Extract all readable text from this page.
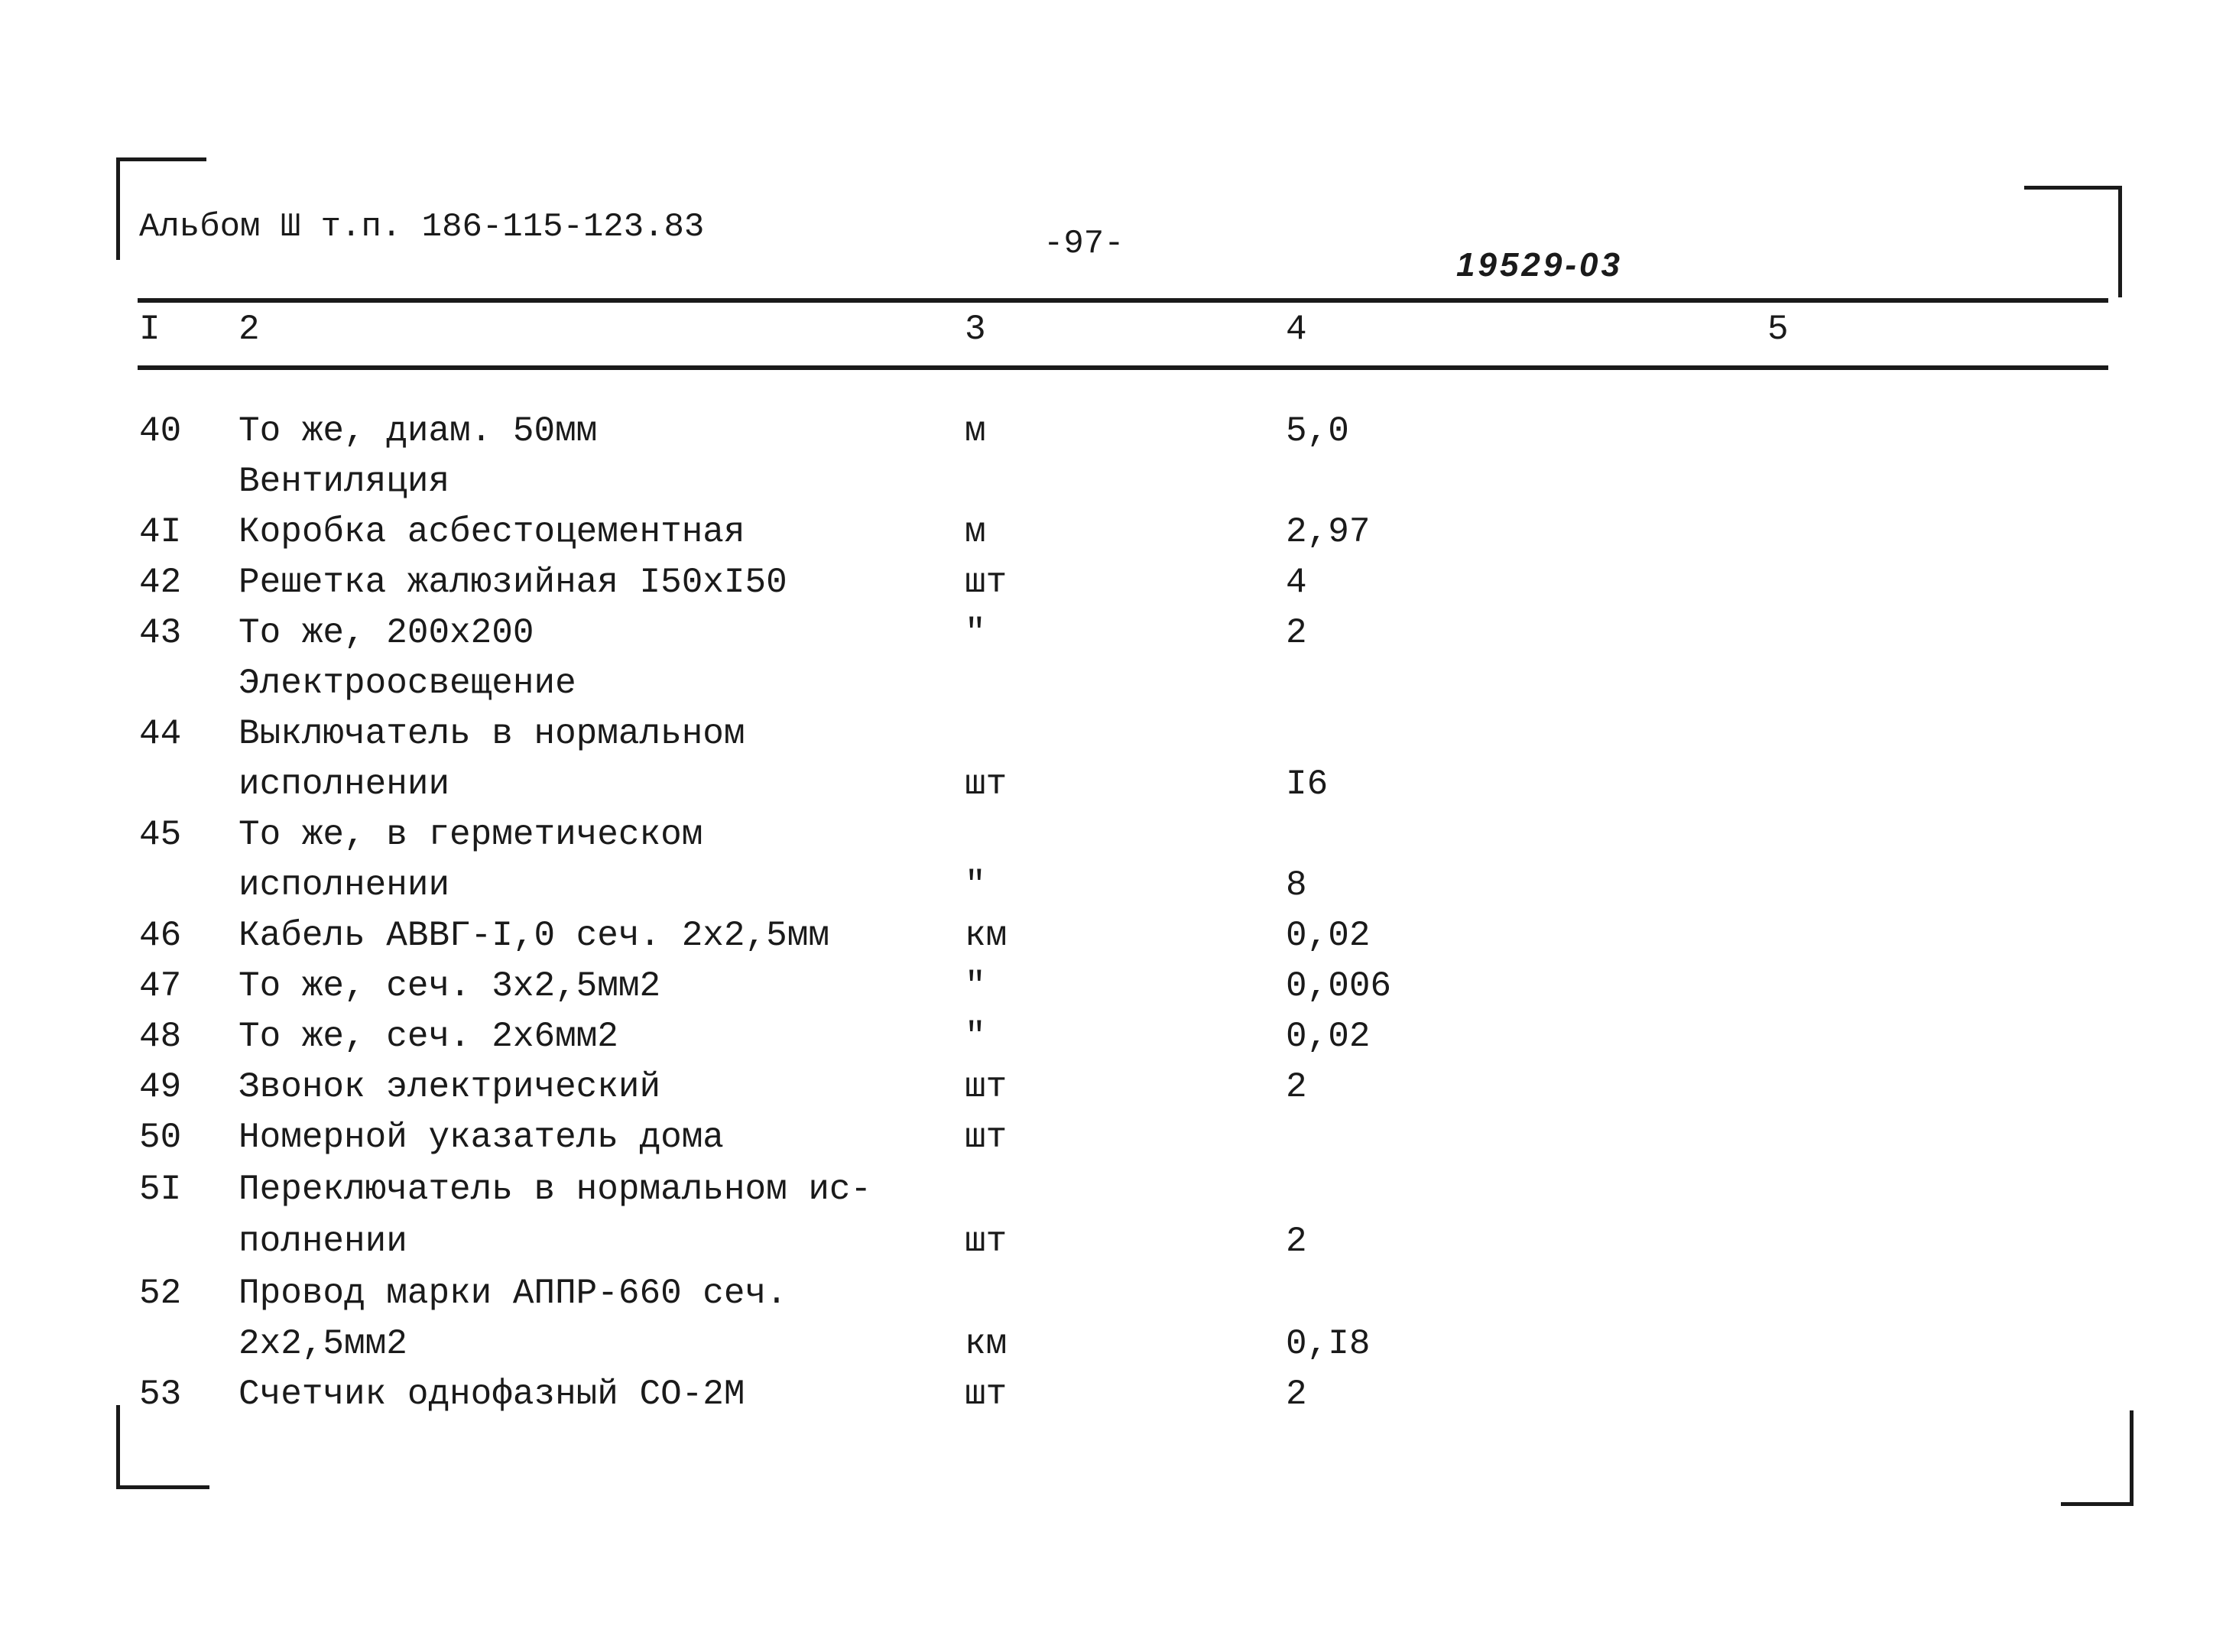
Альбом Ш т.п. 186-115-123.83	-97-
19529-03
I 2	3	4	5
40 То же, диам. 50мм	м	5,0
Вентиляция
4I Коробка асбестоцементная	м	2,97
42 Решетка жалюзийная I50xI50	шт	4
43 То же, 200х200	"	2
Электроосвещение
44 Выключатель в нормальном
исполнении	шт	I6
45 То же, в герметическом
исполнении	"	8
46 Кабель АВВГ-I,0 сеч. 2х2,5мм	км	0,02
47 То же, сеч. 3х2,5мм2	"	0,006
48 То же, сеч. 2х6мм2	"	0,02
49 Звонок электрический	шт	2
50 Номерной указатель дома	шт
5I Переключатель в нормальном ис-
полнении	шт	2
52 Провод марки АППР-660 сеч.
2х2,5мм2	км	0,I8
53 Счетчик однофазный СО-2М	шт	2
